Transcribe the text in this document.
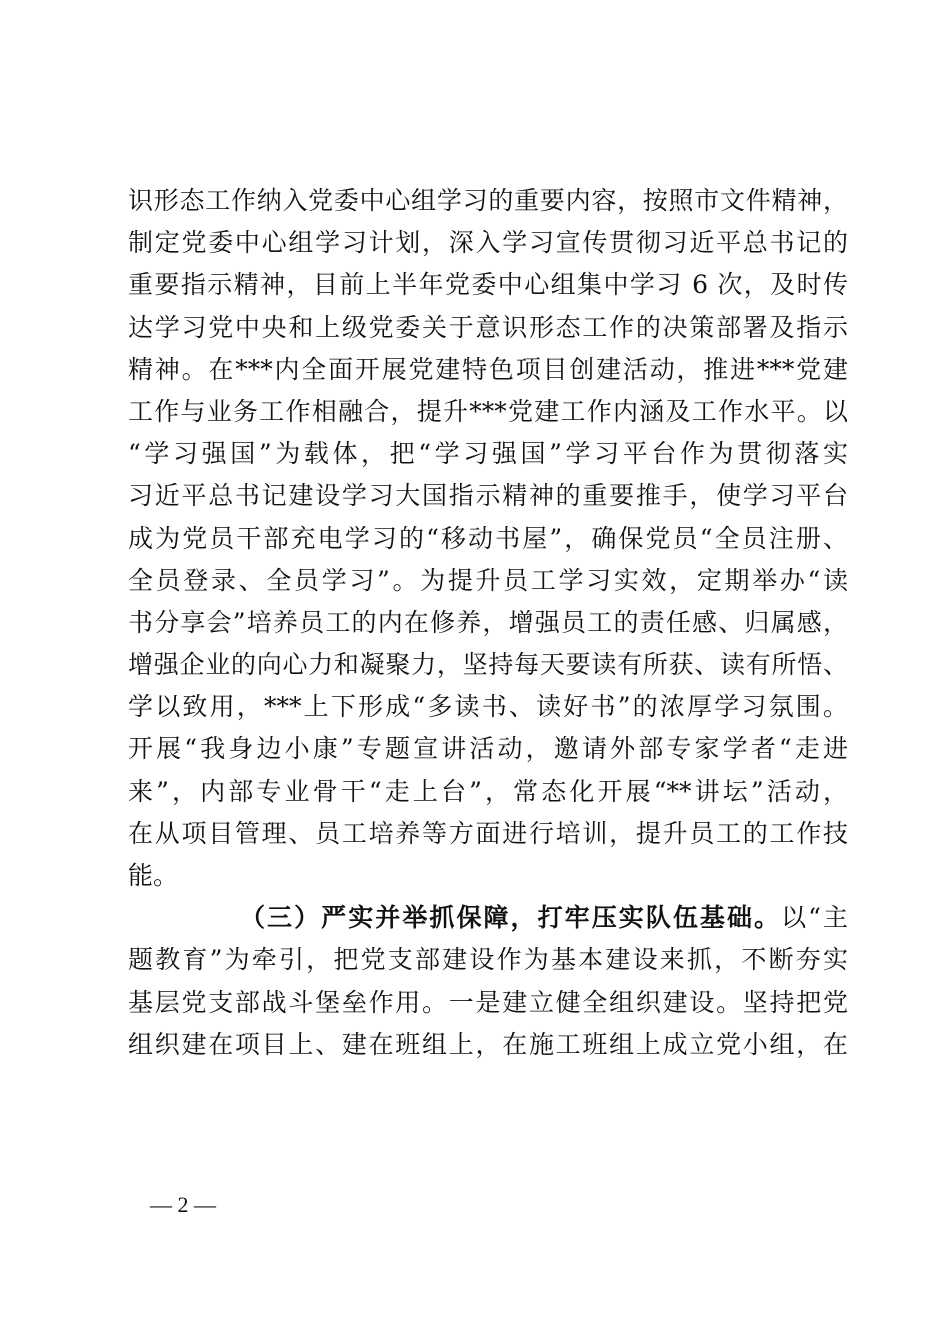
识形态工作纳入党委中心组学习的重要内容，按照市文件精神，
制定党委中心组学习计划，深入学习宣传贯彻习近平总书记的
重要指示精神，目前上半年党委中心组集中学习 6 次，及时传
达学习党中央和上级党委关于意识形态工作的决策部署及指示
精神。在***内全面开展党建特色项目创建活动，推进***党建
工作与业务工作相融合，提升***党建工作内涵及工作水平。以
“学习强国”为载体，把“学习强国”学习平台作为贯彻落实
习近平总书记建设学习大国指示精神的重要推手，使学习平台
成为党员干部充电学习的“移动书屋”，确保党员“全员注册、
全员登录、全员学习”。为提升员工学习实效，定期举办“读
书分享会”培养员工的内在修养，增强员工的责任感、归属感，
增强企业的向心力和凝聚力，坚持每天要读有所获、读有所悟、
学以致用，***上下形成“多读书、读好书”的浓厚学习氛围。
开展“我身边小康”专题宣讲活动，邀请外部专家学者“走进
来”，内部专业骨干“走上台”，常态化开展“**讲坛”活动，
在从项目管理、员工培养等方面进行培训，提升员工的工作技
能。
（三）严实并举抓保障，打牢压实队伍基础。以“主
题教育”为牵引，把党支部建设作为基本建设来抓，不断夯实
基层党支部战斗堡垒作用。一是建立健全组织建设。坚持把党
组织建在项目上、建在班组上，在施工班组上成立党小组，在
— 2 —
